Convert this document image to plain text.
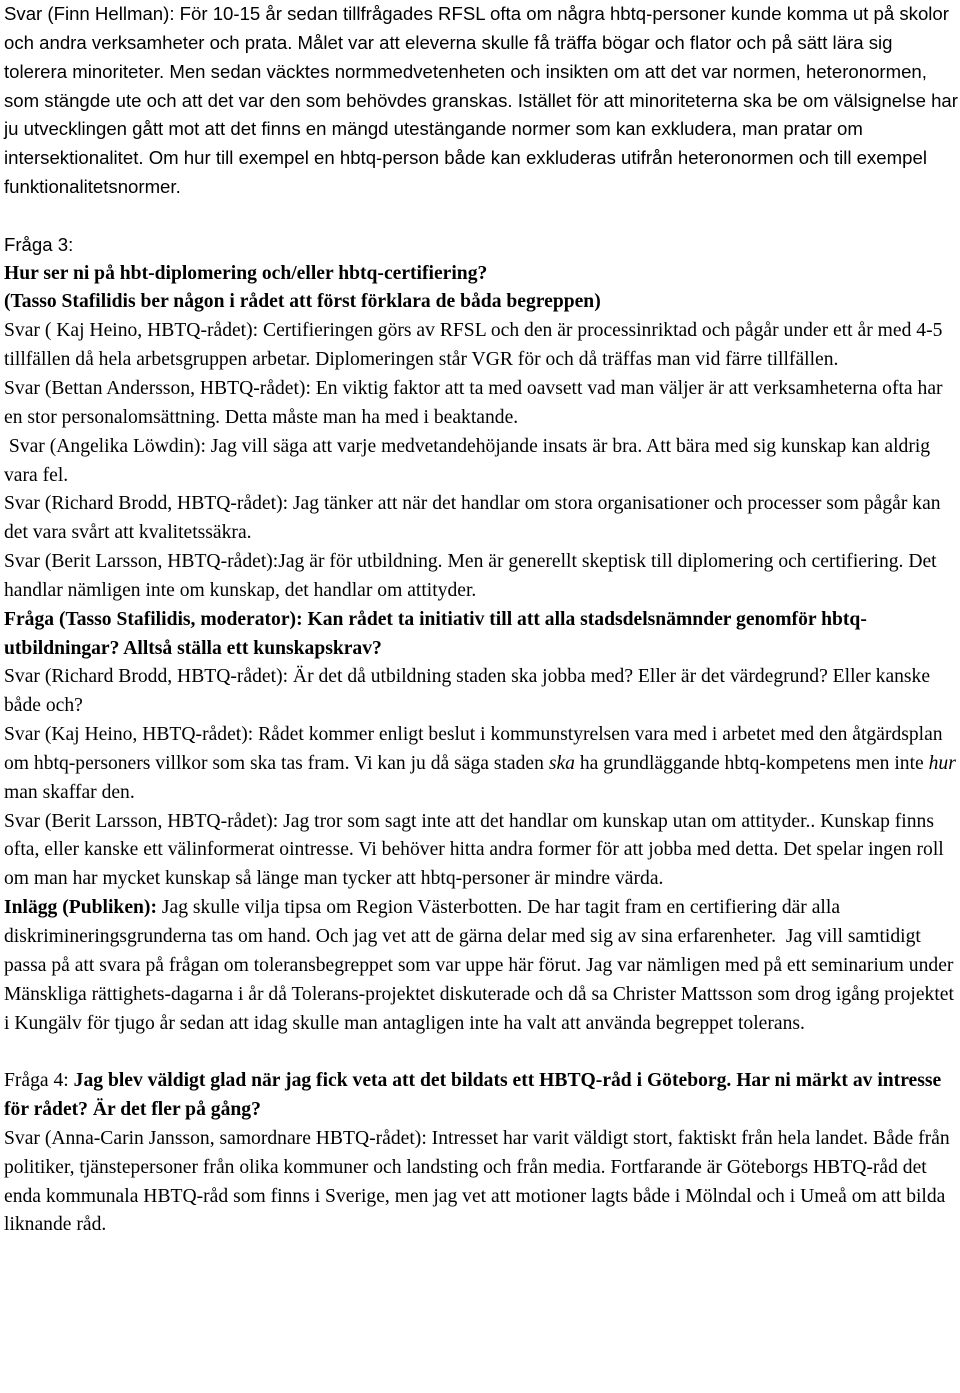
Svar (Finn Hellman): För 10-15 år sedan tillfrågades RFSL ofta om några hbtq-personer kunde komma ut på skolor och andra verksamheter och prata. Målet var att eleverna skulle få träffa bögar och flator och på sätt lära sig tolerera minoriteter. Men sedan väcktes normmedvetenheten och insikten om att det var normen, heteronormen, som stängde ute och att det var den som behövdes granskas. Istället för att minoriteterna ska be om välsignelse har ju utvecklingen gått mot att det finns en mängd utestängande normer som kan exkludera, man pratar om intersektionalitet. Om hur till exempel en hbtq-person både kan exkluderas utifrån heteronormen och till exempel funktionalitetsnormer.

Fråga 3:

Hur ser ni på hbt-diplomering och/eller hbtq-certifiering?

(Tasso Stafilidis ber någon i rådet att först förklara de båda begreppen)

Svar ( Kaj Heino, HBTQ-rådet): Certifieringen görs av RFSL och den är processinriktad och pågår under ett år med 4-5 tillfällen då hela arbetsgruppen arbetar. Diplomeringen står VGR för och då träffas man vid färre tillfällen.

Svar (Bettan Andersson, HBTQ-rådet): En viktig faktor att ta med oavsett vad man väljer är att verksamheterna ofta har en stor personalomsättning. Detta måste man ha med i beaktande.

Svar (Angelika Löwdin): Jag vill säga att varje medvetandehöjande insats är bra. Att bära med sig kunskap kan aldrig vara fel.

Svar (Richard Brodd, HBTQ-rådet): Jag tänker att när det handlar om stora organisationer och processer som pågår kan det vara svårt att kvalitetssäkra.

Svar (Berit Larsson, HBTQ-rådet):Jag är för utbildning. Men är generellt skeptisk till diplomering och certifiering. Det handlar nämligen inte om kunskap, det handlar om attityder.

Fråga (Tasso Stafilidis, moderator): Kan rådet ta initiativ till att alla stadsdelsnämnder genomför hbtq-utbildningar? Alltså ställa ett kunskapskrav?

Svar (Richard Brodd, HBTQ-rådet): Är det då utbildning staden ska jobba med? Eller är det värdegrund? Eller kanske både och?

Svar (Kaj Heino, HBTQ-rådet): Rådet kommer enligt beslut i kommunstyrelsen vara med i arbetet med den åtgärdsplan om hbtq-personers villkor som ska tas fram. Vi kan ju då säga staden ska ha grundläggande hbtq-kompetens men inte hur man skaffar den.

Svar (Berit Larsson, HBTQ-rådet): Jag tror som sagt inte att det handlar om kunskap utan om attityder.. Kunskap finns ofta, eller kanske ett välinformerat ointresse. Vi behöver hitta andra former för att jobba med detta. Det spelar ingen roll om man har mycket kunskap så länge man tycker att hbtq-personer är mindre värda.

Inlägg (Publiken): Jag skulle vilja tipsa om Region Västerbotten. De har tagit fram en certifiering där alla diskrimineringsgrunderna tas om hand. Och jag vet att de gärna delar med sig av sina erfarenheter.  Jag vill samtidigt passa på att svara på frågan om toleransbegreppet som var uppe här förut. Jag var nämligen med på ett seminarium under Mänskliga rättighets-dagarna i år då Tolerans-projektet diskuterade och då sa Christer Mattsson som drog igång projektet i Kungälv för tjugo år sedan att idag skulle man antagligen inte ha valt att använda begreppet tolerans.

Fråga 4: Jag blev väldigt glad när jag fick veta att det bildats ett HBTQ-råd i Göteborg. Har ni märkt av intresse för rådet? Är det fler på gång?

Svar (Anna-Carin Jansson, samordnare HBTQ-rådet): Intresset har varit väldigt stort, faktiskt från hela landet. Både från politiker, tjänstepersoner från olika kommuner och landsting och från media. Fortfarande är Göteborgs HBTQ-råd det enda kommunala HBTQ-råd som finns i Sverige, men jag vet att motioner lagts både i Mölndal och i Umeå om att bilda liknande råd.
